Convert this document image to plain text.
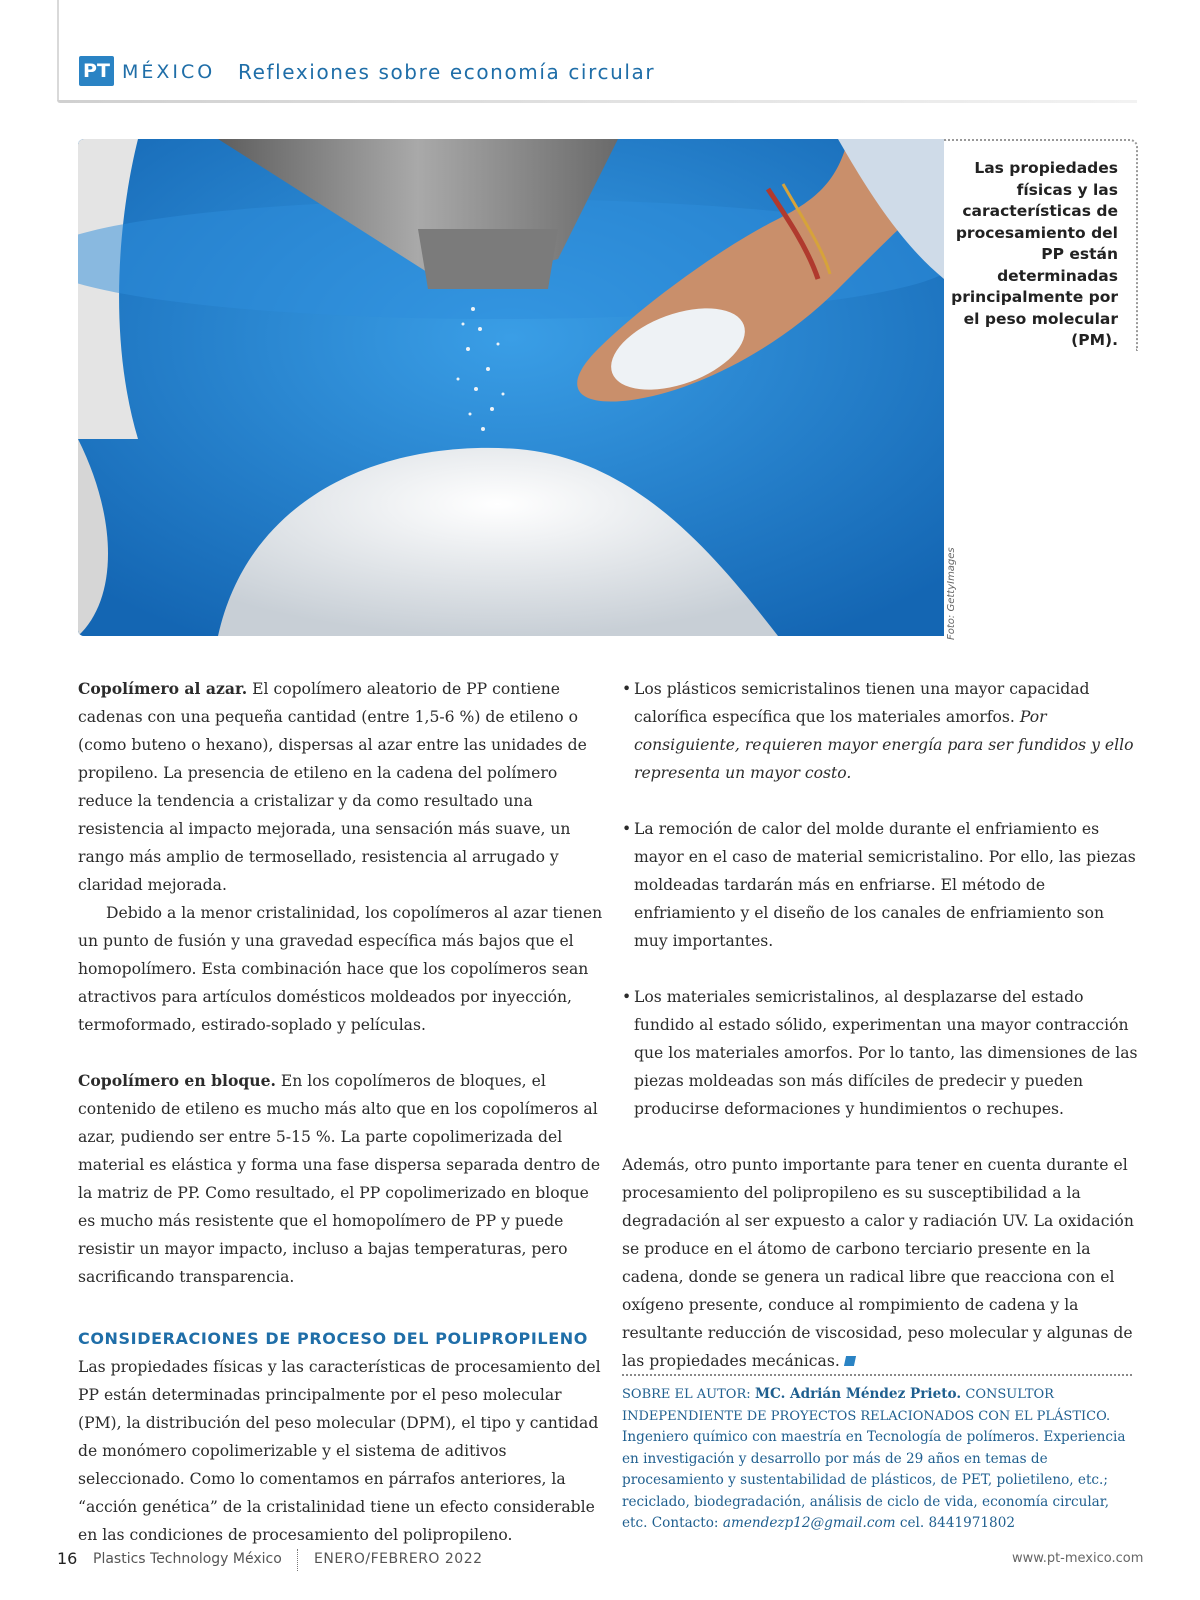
PT MÉXICO Reflexiones sobre economía circular
Las propiedades físicas y las características de procesamiento del PP están determinadas principalmente por el peso molecular (PM).
Foto: GettyImages

Copolímero al azar. El copolímero aleatorio de PP contiene cadenas con una pequeña cantidad (entre 1,5-6 %) de etileno o (como buteno o hexano), dispersas al azar entre las unidades de propileno. La presencia de etileno en la cadena del polímero reduce la tendencia a cristalizar y da como resultado una resistencia al impacto mejorada, una sensación más suave, un rango más amplio de termosellado, resistencia al arrugado y claridad mejorada.

Debido a la menor cristalinidad, los copolímeros al azar tienen un punto de fusión y una gravedad específica más bajos que el homopolímero. Esta combinación hace que los copolímeros sean atractivos para artículos domésticos moldeados por inyección, termoformado, estirado-soplado y películas.

Copolímero en bloque. En los copolímeros de bloques, el contenido de etileno es mucho más alto que en los copolímeros al azar, pudiendo ser entre 5-15 %. La parte copolimerizada del material es elástica y forma una fase dispersa separada dentro de la matriz de PP. Como resultado, el PP copolimerizado en bloque es mucho más resistente que el homopolímero de PP y puede resistir un mayor impacto, incluso a bajas temperaturas, pero sacrificando transparencia.

CONSIDERACIONES DE PROCESO DEL POLIPROPILENO

Las propiedades físicas y las características de procesamiento del PP están determinadas principalmente por el peso molecular (PM), la distribución del peso molecular (DPM), el tipo y cantidad de monómero copolimerizable y el sistema de aditivos seleccionado. Como lo comentamos en párrafos anteriores, la “acción genética” de la cristalinidad tiene un efecto considerable en las condiciones de procesamiento del polipropileno.

• Los plásticos semicristalinos tienen una mayor capacidad calorífica específica que los materiales amorfos. Por consiguiente, requieren mayor energía para ser fundidos y ello representa un mayor costo.

• La remoción de calor del molde durante el enfriamiento es mayor en el caso de material semicristalino. Por ello, las piezas moldeadas tardarán más en enfriarse. El método de enfriamiento y el diseño de los canales de enfriamiento son muy importantes.

• Los materiales semicristalinos, al desplazarse del estado fundido al estado sólido, experimentan una mayor contracción que los materiales amorfos. Por lo tanto, las dimensiones de las piezas moldeadas son más difíciles de predecir y pueden producirse deformaciones y hundimientos o rechupes.

Además, otro punto importante para tener en cuenta durante el procesamiento del polipropileno es su susceptibilidad a la degradación al ser expuesto a calor y radiación UV. La oxidación se produce en el átomo de carbono terciario presente en la cadena, donde se genera un radical libre que reacciona con el oxígeno presente, conduce al rompimiento de cadena y la resultante reducción de viscosidad, peso molecular y algunas de las propiedades mecánicas.

SOBRE EL AUTOR: MC. Adrián Méndez Prieto. CONSULTOR INDEPENDIENTE DE PROYECTOS RELACIONADOS CON EL PLÁSTICO. Ingeniero químico con maestría en Tecnología de polímeros. Experiencia en investigación y desarrollo por más de 29 años en temas de procesamiento y sustentabilidad de plásticos, de PET, polietileno, etc.; reciclado, biodegradación, análisis de ciclo de vida, economía circular, etc. Contacto: amendezp12@gmail.com cel. 8441971802
16 Plastics Technology México ENERO/FEBRERO 2022	www.pt-mexico.com
